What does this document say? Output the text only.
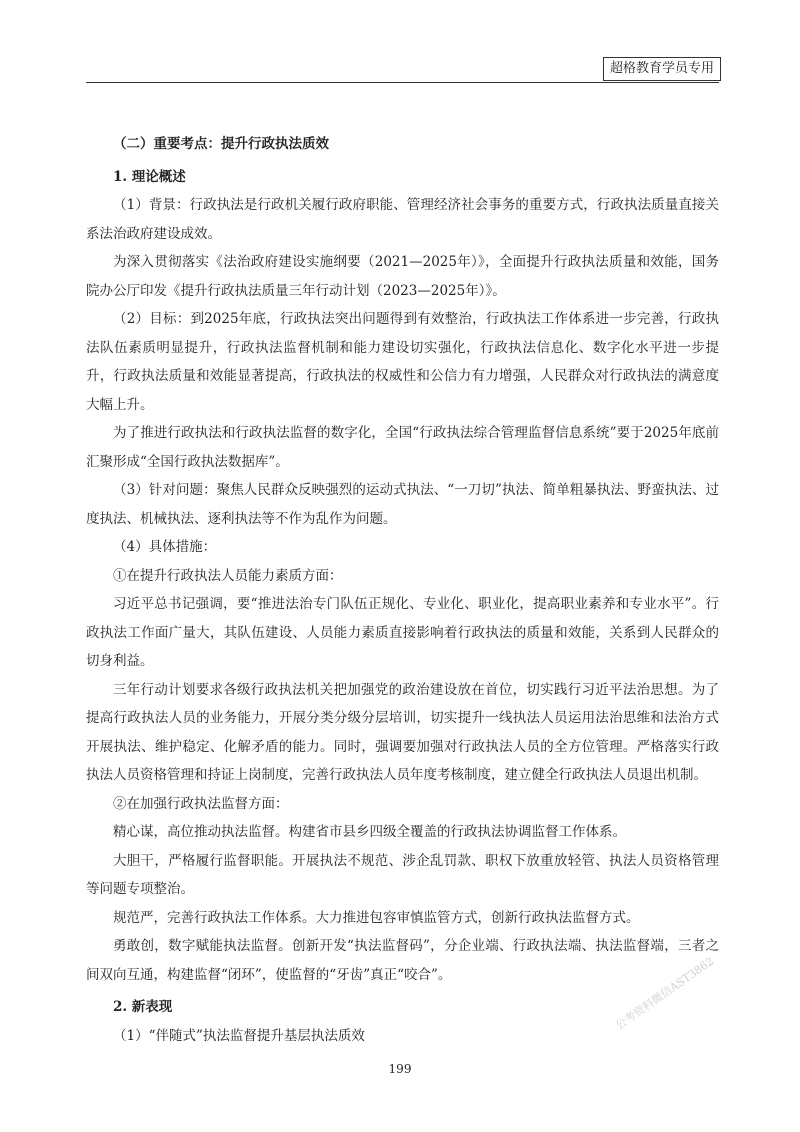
超格教育学员专用

（二）重要考点：提升行政执法质效

1. 理论概述

（1）背景：行政执法是行政机关履行政府职能、管理经济社会事务的重要方式，行政执法质量直接关系法治政府建设成效。

为深入贯彻落实《法治政府建设实施纲要（2021—2025年）》，全面提升行政执法质量和效能，国务院办公厅印发《提升行政执法质量三年行动计划（2023—2025年）》。

（2）目标：到2025年底，行政执法突出问题得到有效整治，行政执法工作体系进一步完善，行政执法队伍素质明显提升，行政执法监督机制和能力建设切实强化，行政执法信息化、数字化水平进一步提升，行政执法质量和效能显著提高，行政执法的权威性和公信力有力增强，人民群众对行政执法的满意度大幅上升。

为了推进行政执法和行政执法监督的数字化，全国“行政执法综合管理监督信息系统”要于2025年底前汇聚形成“全国行政执法数据库”。

（3）针对问题：聚焦人民群众反映强烈的运动式执法、“一刀切”执法、简单粗暴执法、野蛮执法、过度执法、机械执法、逐利执法等不作为乱作为问题。

（4）具体措施：

①在提升行政执法人员能力素质方面：

习近平总书记强调，要“推进法治专门队伍正规化、专业化、职业化，提高职业素养和专业水平”。行政执法工作面广量大，其队伍建设、人员能力素质直接影响着行政执法的质量和效能，关系到人民群众的切身利益。

三年行动计划要求各级行政执法机关把加强党的政治建设放在首位，切实践行习近平法治思想。为了提高行政执法人员的业务能力，开展分类分级分层培训，切实提升一线执法人员运用法治思维和法治方式开展执法、维护稳定、化解矛盾的能力。同时，强调要加强对行政执法人员的全方位管理。严格落实行政执法人员资格管理和持证上岗制度，完善行政执法人员年度考核制度，建立健全行政执法人员退出机制。

②在加强行政执法监督方面：

精心谋，高位推动执法监督。构建省市县乡四级全覆盖的行政执法协调监督工作体系。

大胆干，严格履行监督职能。开展执法不规范、涉企乱罚款、职权下放重放轻管、执法人员资格管理等问题专项整治。

规范严，完善行政执法工作体系。大力推进包容审慎监管方式，创新行政执法监督方式。

勇敢创，数字赋能执法监督。创新开发“执法监督码”，分企业端、行政执法端、执法监督端，三者之间双向互通，构建监督“闭环”，使监督的“牙齿”真正“咬合”。

2. 新表现

（1）“伴随式”执法监督提升基层执法质效

公考资料微信AST3862
199
